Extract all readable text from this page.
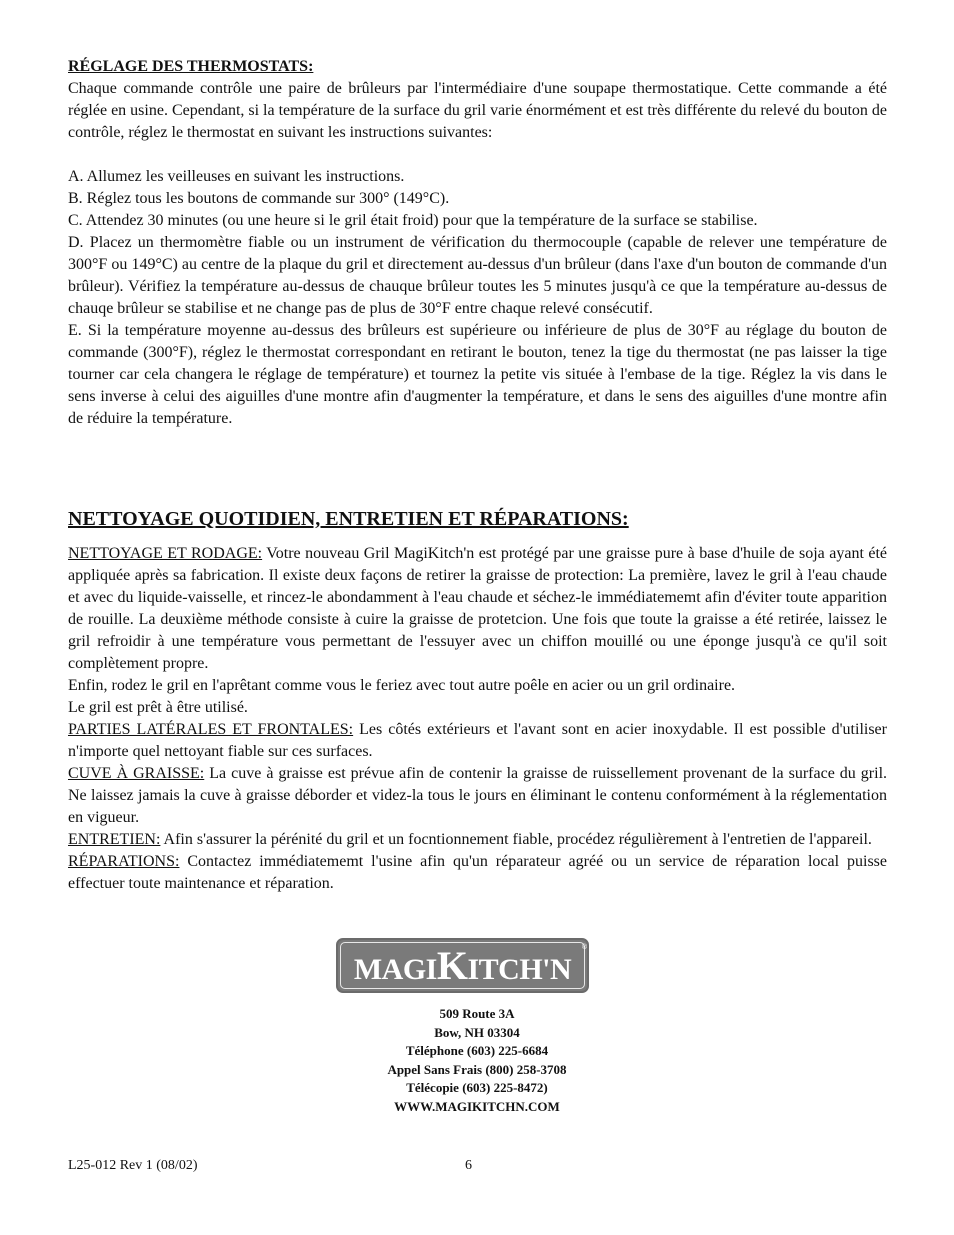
RÉGLAGE DES THERMOSTATS:

Chaque commande contrôle une paire de brûleurs par l'intermédiaire d'une soupape thermostatique. Cette commande a été réglée en usine. Cependant, si la température de la surface du gril varie énormément et est très différente du relevé du bouton de contrôle, réglez le thermostat en suivant les instructions suivantes:

A. Allumez les veilleuses en suivant les instructions.

B. Réglez tous les boutons de commande sur 300° (149°C).

C. Attendez 30 minutes (ou une heure si le gril était froid) pour que la température de la surface se stabilise.

D. Placez un thermomètre fiable ou un instrument de vérification du thermocouple (capable de relever une température de 300°F ou 149°C) au centre de la plaque du gril et directement au-dessus d'un brûleur (dans l'axe d'un bouton de commande d'un brûleur). Vérifiez la température au-dessus de chauque brûleur toutes les 5 minutes jusqu'à ce que la température au-dessus de chauqe brûleur se stabilise et ne change pas de plus de 30°F entre chaque relevé consécutif.

E. Si la température moyenne au-dessus des brûleurs est supérieure ou inférieure de plus de 30°F au réglage du bouton de commande (300°F), réglez le thermostat correspondant en retirant le bouton, tenez la tige du thermostat (ne pas laisser la tige tourner car cela changera le réglage de température) et tournez la petite vis située à l'embase de la tige. Réglez la vis dans le sens inverse à celui des aiguilles d'une montre afin d'augmenter la température, et dans le sens des aiguilles d'une montre afin de réduire la température.

NETTOYAGE QUOTIDIEN, ENTRETIEN ET RÉPARATIONS:

NETTOYAGE ET RODAGE: Votre nouveau Gril MagiKitch'n est protégé par une graisse pure à base d'huile de soja ayant été appliquée après sa fabrication. Il existe deux façons de retirer la graisse de protection: La première, lavez le gril à l'eau chaude et avec du liquide-vaisselle, et rincez-le abondamment à l'eau chaude et séchez-le immédiatememt afin d'éviter toute apparition de rouille. La deuxième méthode consiste à cuire la graisse de protetcion. Une fois que toute la graisse a été retirée, laissez le gril refroidir à une température vous permettant de l'essuyer avec un chiffon mouillé ou une éponge jusqu'à ce qu'il soit complètement propre.

Enfin, rodez le gril en l'aprêtant comme vous le feriez avec tout autre poêle en acier ou un gril ordinaire.

Le gril est prêt à être utilisé.

PARTIES LATÉRALES ET FRONTALES: Les côtés extérieurs et l'avant sont en acier inoxydable. Il est possible d'utiliser n'importe quel nettoyant fiable sur ces surfaces.

CUVE À GRAISSE: La cuve à graisse est prévue afin de contenir la graisse de ruissellement provenant de la surface du gril. Ne laissez jamais la cuve à graisse déborder et videz-la tous le jours en éliminant le contenu conformément à la réglementation en vigueur.

ENTRETIEN: Afin s'assurer la pérénité du gril et un focntionnement fiable, procédez régulièrement à l'entretien de l'appareil.

RÉPARATIONS: Contactez immédiatememt l'usine afin qu'un réparateur agréé ou un service de réparation local puisse effectuer toute maintenance et réparation.

MAGIKITCH'N
®
509 Route 3A
Bow, NH 03304
Téléphone (603) 225-6684
Appel Sans Frais (800) 258-3708
Télécopie (603) 225-8472)
WWW.MAGIKITCHN.COM
L25-012 Rev 1 (08/02)	6
